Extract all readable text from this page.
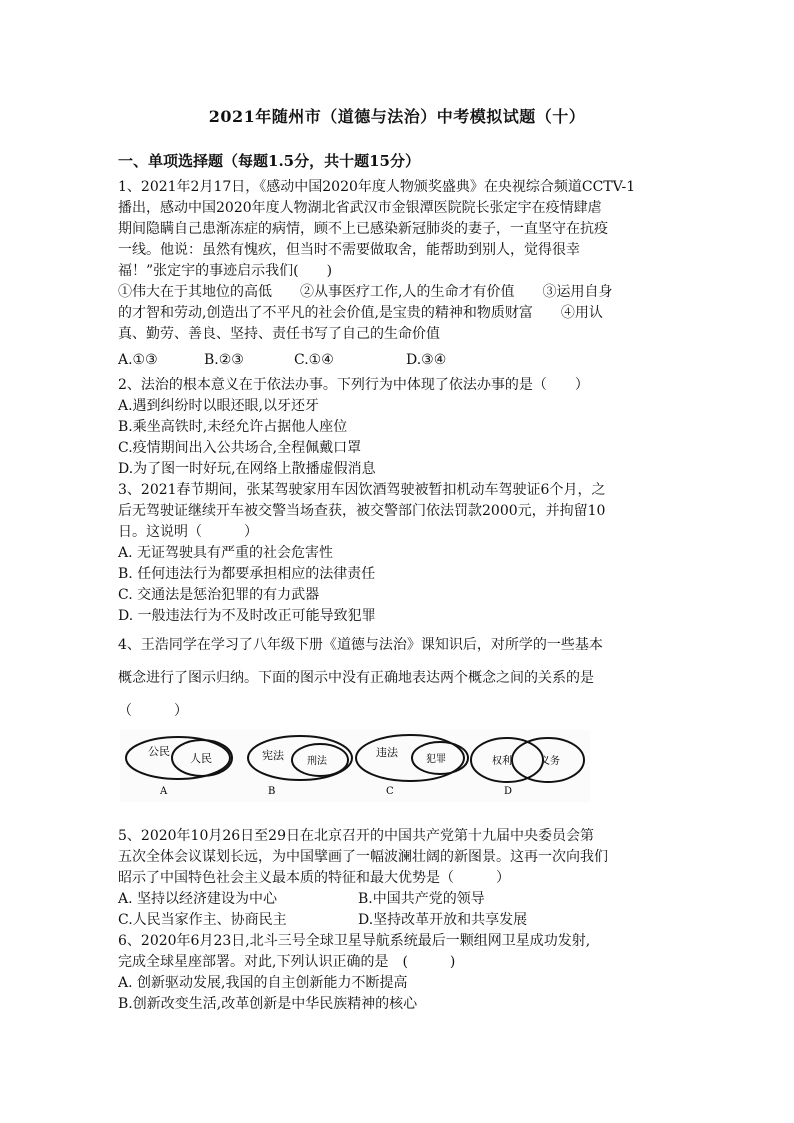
2021年随州市（道德与法治）中考模拟试题（十）
一、单项选择题（每题1.5分，共十题15分）
1、2021年2月17日，《感动中国2020年度人物颁奖盛典》在央视综合频道CCTV-1
播出，感动中国2020年度人物湖北省武汉市金银潭医院院长张定宇在疫情肆虐
期间隐瞒自己患渐冻症的病情，顾不上已感染新冠肺炎的妻子，一直坚守在抗疫
一线。他说：虽然有愧疚，但当时不需要做取舍，能帮助到别人，觉得很幸
福！”张定宇的事迹启示我们(　　)
①伟大在于其地位的高低　　②从事医疗工作,人的生命才有价值　　③运用自身
的才智和劳动,创造出了不平凡的社会价值,是宝贵的精神和物质财富　　④用认
真、勤劳、善良、坚持、责任书写了自己的生命价值
A.①③	B.②③	C.①④	D.③④
2、法治的根本意义在于依法办事。下列行为中体现了依法办事的是（　　）
A.遇到纠纷时以眼还眼,以牙还牙
B.乘坐高铁时,未经允许占据他人座位
C.疫情期间出入公共场合,全程佩戴口罩
D.为了图一时好玩,在网络上散播虚假消息
3、2021春节期间，张某驾驶家用车因饮酒驾驶被暂扣机动车驾驶证6个月，之
后无驾驶证继续开车被交警当场查获，被交警部门依法罚款2000元，并拘留10
日。这说明（　　　）
A. 无证驾驶具有严重的社会危害性
B. 任何违法行为都要承担相应的法律责任
C. 交通法是惩治犯罪的有力武器
D. 一般违法行为不及时改正可能导致犯罪
4、王浩同学在学习了八年级下册《道德与法治》课知识后，对所学的一些基本
概念进行了图示归纳。下面的图示中没有正确地表达两个概念之间的关系的是
（　　　）
公民
人民
A
宪法 刑法
B
违法
犯罪
C
权利	义务
D
5、2020年10月26日至29日在北京召开的中国共产党第十九届中央委员会第
五次全体会议谋划长远，为中国擘画了一幅波澜壮阔的新图景。这再一次向我们
昭示了中国特色社会主义最本质的特征和最大优势是（　　　）
A. 坚持以经济建设为中心	B.中国共产党的领导
C.人民当家作主、协商民主	D.坚持改革开放和共享发展
6、2020年6月23日,北斗三号全球卫星导航系统最后一颗组网卫星成功发射,
完成全球星座部署。对此,下列认识正确的是　(　　　)
A. 创新驱动发展,我国的自主创新能力不断提高
B.创新改变生活,改革创新是中华民族精神的核心
